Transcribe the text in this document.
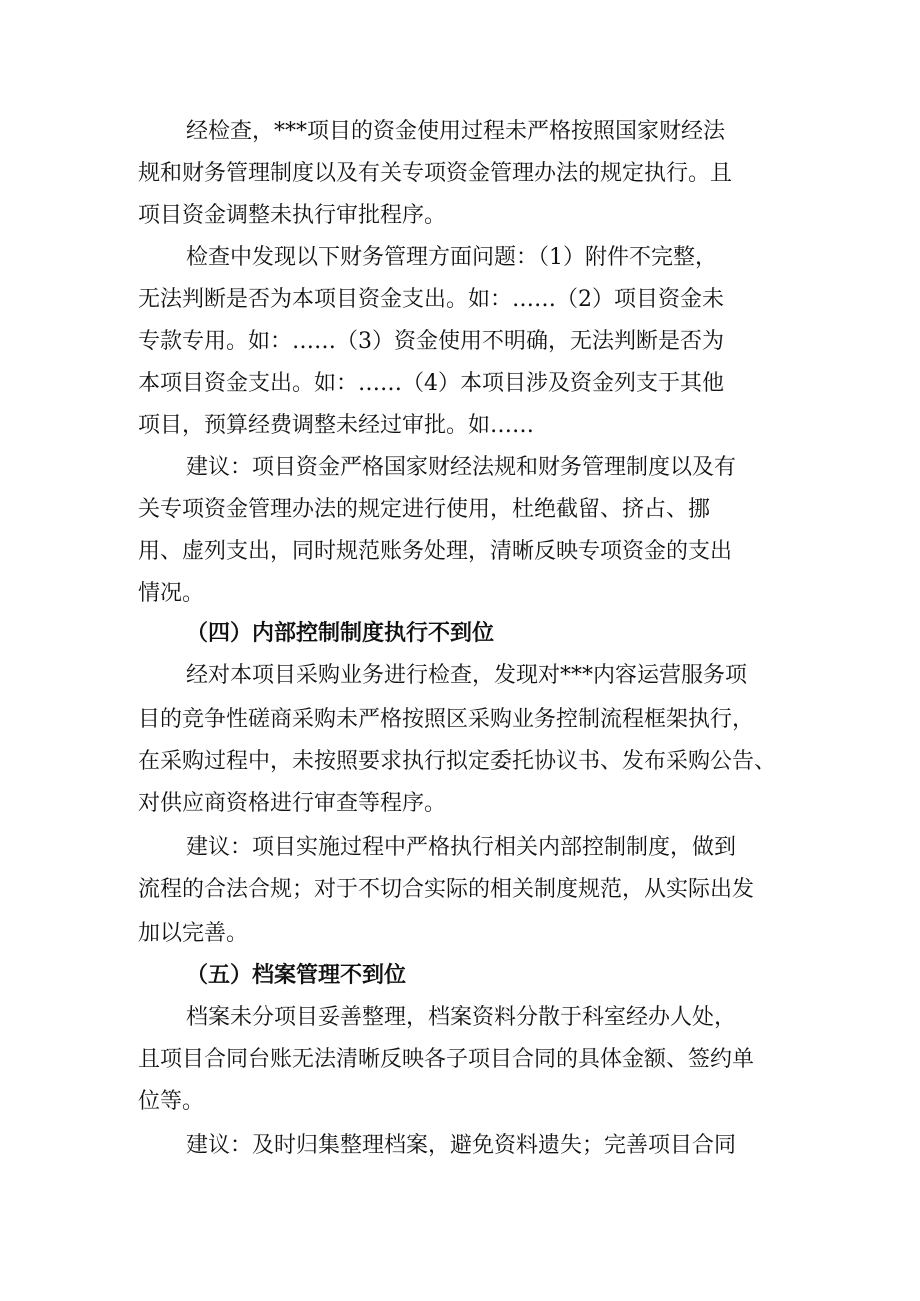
经检查，***项目的资金使用过程未严格按照国家财经法
规和财务管理制度以及有关专项资金管理办法的规定执行。且
项目资金调整未执行审批程序。
检查中发现以下财务管理方面问题：（1）附件不完整，
无法判断是否为本项目资金支出。如：……（2）项目资金未
专款专用。如：……（3）资金使用不明确，无法判断是否为
本项目资金支出。如：……（4）本项目涉及资金列支于其他
项目，预算经费调整未经过审批。如……
建议：项目资金严格国家财经法规和财务管理制度以及有
关专项资金管理办法的规定进行使用，杜绝截留、挤占、挪
用、虚列支出，同时规范账务处理，清晰反映专项资金的支出
情况。
（四）内部控制制度执行不到位
经对本项目采购业务进行检查，发现对***内容运营服务项
目的竞争性磋商采购未严格按照区采购业务控制流程框架执行，
在采购过程中，未按照要求执行拟定委托协议书、发布采购公告、
对供应商资格进行审查等程序。
建议：项目实施过程中严格执行相关内部控制制度，做到
流程的合法合规；对于不切合实际的相关制度规范，从实际出发
加以完善。
（五）档案管理不到位
档案未分项目妥善整理，档案资料分散于科室经办人处，
且项目合同台账无法清晰反映各子项目合同的具体金额、签约单
位等。
建议：及时归集整理档案，避免资料遗失；完善项目合同
